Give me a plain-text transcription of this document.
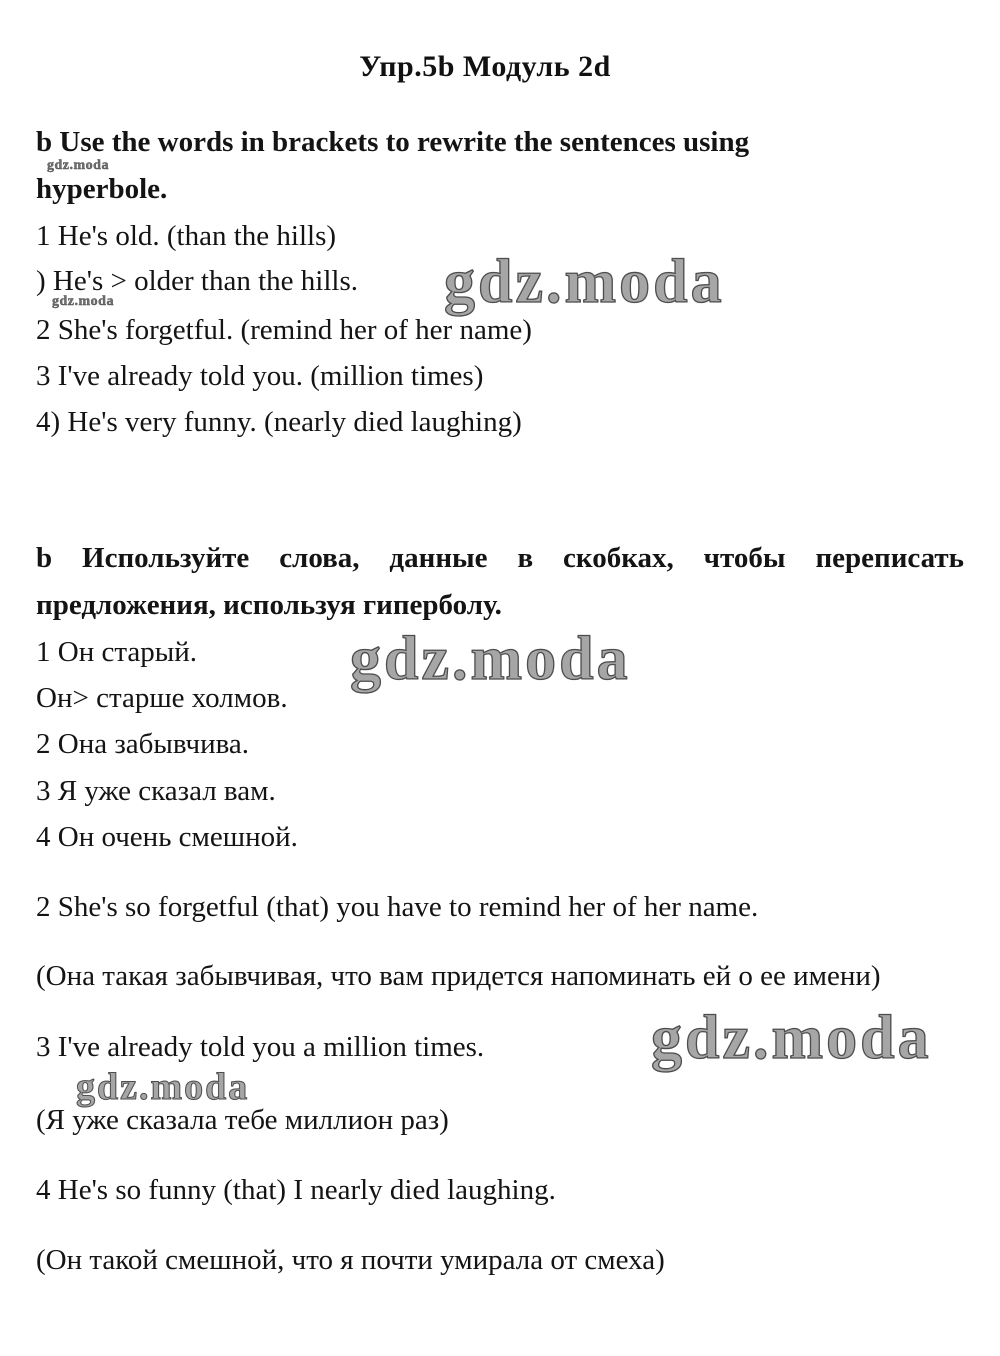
Упр.5b Модуль 2d
b Use the words in brackets to rewrite the sentences using
gdz.moda
hyperbole.
1 He's old. (than the hills)
) He's > older than the hills. gdz.moda
gdz.moda
2 She's forgetful. (remind her of her name)
3 I've already told you. (million times)
4) He's very funny. (nearly died laughing)
b Используйте слова, данные в скобках, чтобы переписать
предложения, используя гиперболу.
1 Он старый. gdz.moda
Он> старше холмов.
2 Она забывчива.
3 Я уже сказал вам.
4 Он очень смешной.
2 She's so forgetful (that) you have to remind her of her name.
(Она такая забывчивая, что вам придется напоминать ей о ее имени)
3 I've already told you a million times.	gdz.moda
gdz.moda
(Я уже сказала тебе миллион раз)
4 He's so funny (that) I nearly died laughing.
(Он такой смешной, что я почти умирала от смеха)
